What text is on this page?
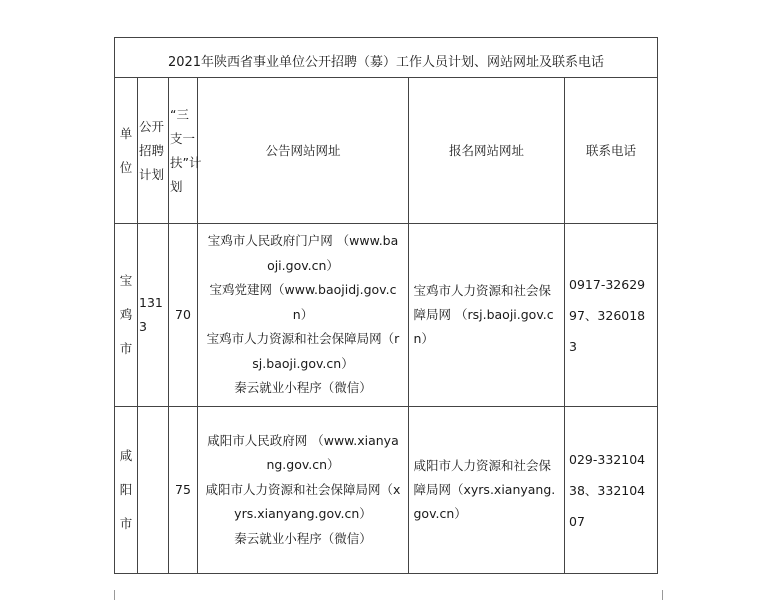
2021年陕西省事业单位公开招聘（募）工作人员计划、网站网址及联系电话					
单位	公开招聘计划	“三支一扶”计划	公告网站网址	报名网站网址	联系电话
宝鸡市	1313	70	宝鸡市人民政府门户网 （www.baoji.gov.cn）

宝鸡党建网（www.baojidj.gov.cn）

宝鸡市人力资源和社会保障局网（rsj.baoji.gov.cn）

秦云就业小程序（微信）	宝鸡市人力资源和社会保障局网 （rsj.baoji.gov.cn）	0917-3262997、3260183
咸阳市		75	咸阳市人民政府网 （www.xianyang.gov.cn）

咸阳市人力资源和社会保障局网（xyrs.xianyang.gov.cn）

秦云就业小程序（微信）	咸阳市人力资源和社会保障局网（xyrs.xianyang.gov.cn）	029-33210438、33210407
